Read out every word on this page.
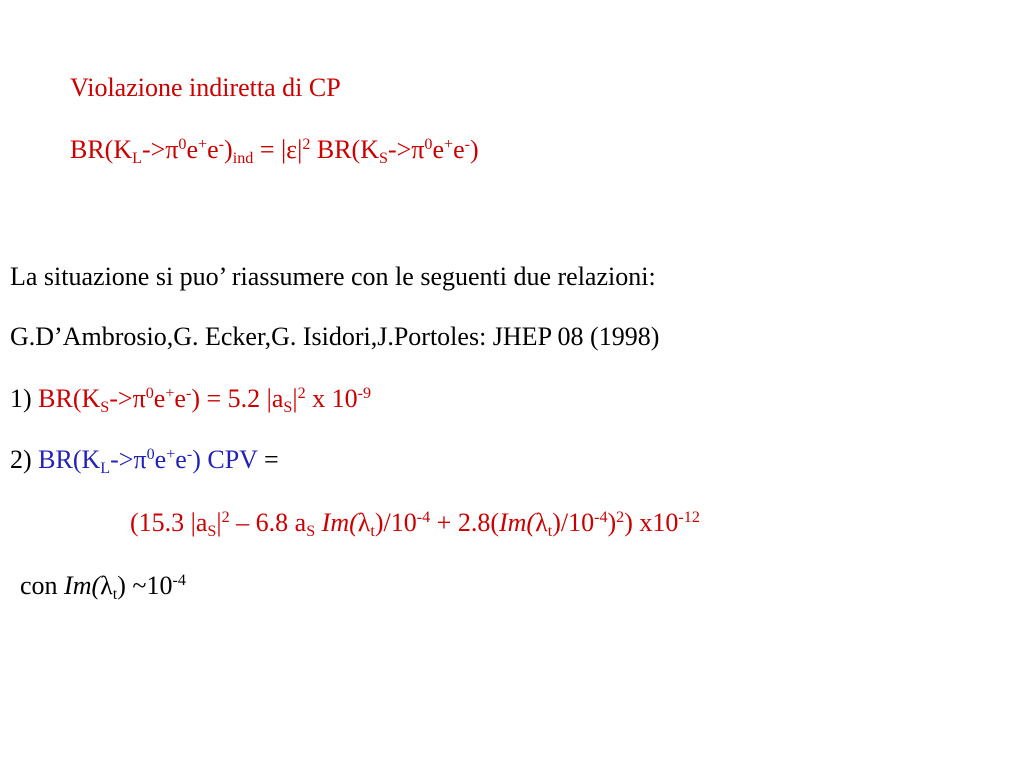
Violazione indiretta di CP
$BR(K_L->\pi^0e^+e^-)_{ind} = |\varepsilon|^2$ $BR(K_S->\pi^0e^+e^-)$
La situazione si puo’ riassumere con le seguenti due relazioni:
G.D’Ambrosio,G. Ecker,G. Isidori,J.Portoles: JHEP 08 (1998)
1) $BR(K_S->\pi^0e^+e^-) = 5.2$ $|a_S|^2$ x $10^{-9}$
2) $BR(K_L->\pi^0e^+e^-)$ CPV =
(15.3 $|a_S|^2 - 6.8$ $a_S$ $Im(\lambda_t)/10^{-4} + 2.8(Im(\lambda_t)/10^{-4})^2$) $x10^{-12}$
con $Im(\lambda_t)$ $\sim 10^{-4}$
